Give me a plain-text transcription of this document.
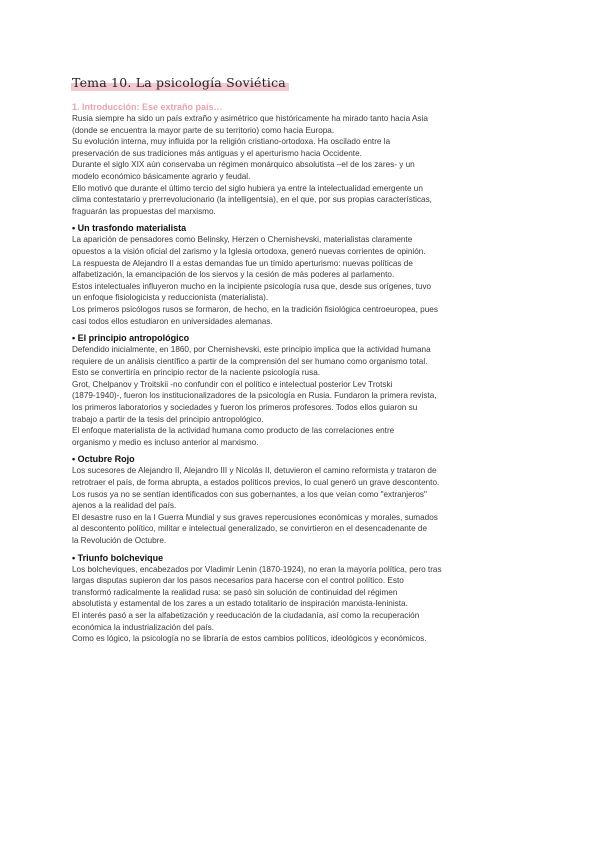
Tema 10. La psicología Soviética
1. Introducción: Ese extraño país…
Rusia siempre ha sido un país extraño y asimétrico que históricamente ha mirado tanto hacia Asia
(donde se encuentra la mayor parte de su territorio) como hacia Europa.
Su evolución interna, muy influida por la religión cristiano-ortodoxa. Ha oscilado entre la
preservación de sus tradiciones más antiguas y el aperturismo hacia Occidente.
Durante el siglo XIX aún conservaba un régimen monárquico absolutista –el de los zares- y un
modelo económico básicamente agrario y feudal.
Ello motivó que durante el último tercio del siglo hubiera ya entre la intelectualidad emergente un
clima contestatario y prerrevolucionario (la intelligentsia), en el que, por sus propias características,
fraguarán las propuestas del marxismo.
• Un trasfondo materialista
La aparición de pensadores como Belinsky, Herzen o Chernishevski, materialistas claramente
opuestos a la visión oficial del zarismo y la Iglesia ortodoxa, generó nuevas corrientes de opinión.
La respuesta de Alejandro II a estas demandas fue un tímido aperturismo: nuevas políticas de
alfabetización, la emancipación de los siervos y la cesión de más poderes al parlamento.
Estos intelectuales influyeron mucho en la incipiente psicología rusa que, desde sus orígenes, tuvo
un enfoque fisiologicista y reduccionista (materialista).
Los primeros psicólogos rusos se formaron, de hecho, en la tradición fisiológica centroeuropea, pues
casi todos ellos estudiaron en universidades alemanas.
• El principio antropológico
Defendido inicialmente, en 1860, por Chernishevski, este principio implica que la actividad humana
requiere de un análisis científico a partir de la comprensión del ser humano como organismo total.
Esto se convertiría en principio rector de la naciente psicología rusa.
Grot, Chelpanov y Troitskii -no confundir con el político e intelectual posterior Lev Trotski
(1879-1940)-, fueron los institucionalizadores de la psicología en Rusia. Fundaron la primera revista,
los primeros laboratorios y sociedades y fueron los primeros profesores. Todos ellos guiaron su
trabajo a partir de la tesis del principio antropológico.
El enfoque materialista de la actividad humana como producto de las correlaciones entre
organismo y medio es incluso anterior al marxismo.
• Octubre Rojo
Los sucesores de Alejandro II, Alejandro III y Nicolás II, detuvieron el camino reformista y trataron de
retrotraer el país, de forma abrupta, a estados políticos previos, lo cual generó un grave descontento.
Los rusos ya no se sentían identificados con sus gobernantes, a los que veían como "extranjeros"
ajenos a la realidad del país.
El desastre ruso en la I Guerra Mundial y sus graves repercusiones económicas y morales, sumados
al descontento político, militar e intelectual generalizado, se convirtieron en el desencadenante de
la Revolución de Octubre.
• Triunfo bolchevique
Los bolcheviques, encabezados por Vladimir Lenin (1870-1924), no eran la mayoría política, pero tras
largas disputas supieron dar los pasos necesarios para hacerse con el control político. Esto
transformó radicalmente la realidad rusa: se pasó sin solución de continuidad del régimen
absolutista y estamental de los zares a un estado totalitario de inspiración marxista-leninista.
El interés pasó a ser la alfabetización y reeducación de la ciudadanía, así como la recuperación
económica la industrialización del país.
Como es lógico, la psicología no se libraría de estos cambios políticos, ideológicos y económicos.
